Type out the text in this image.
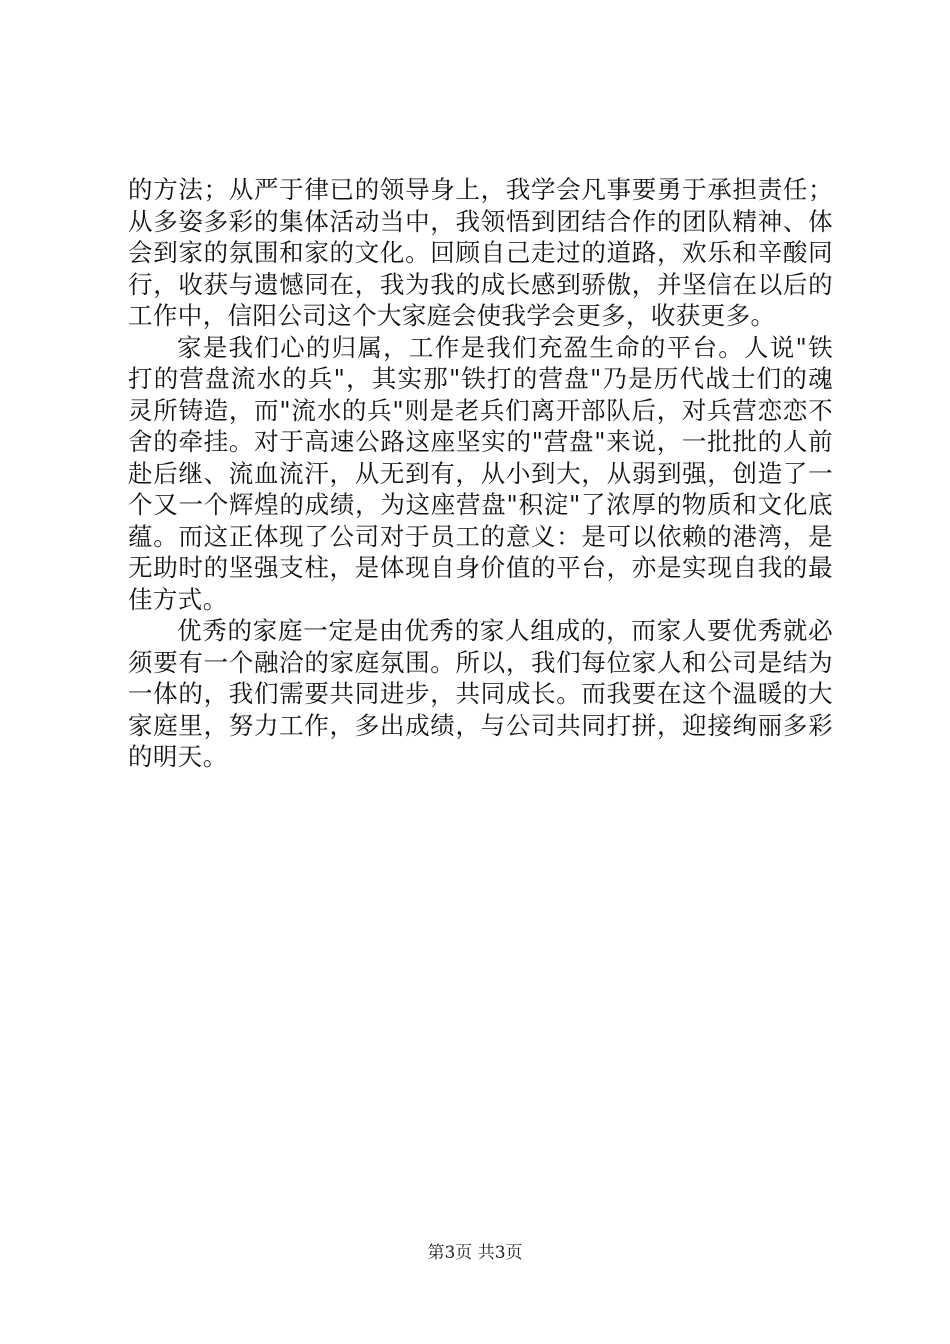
的方法；从严于律已的领导身上，我学会凡事要勇于承担责任；从多姿多彩的集体活动当中，我领悟到团结合作的团队精神、体会到家的氛围和家的文化。回顾自己走过的道路，欢乐和辛酸同行，收获与遗憾同在，我为我的成长感到骄傲，并坚信在以后的工作中，信阳公司这个大家庭会使我学会更多，收获更多。

家是我们心的归属，工作是我们充盈生命的平台。人说"铁打的营盘流水的兵"，其实那"铁打的营盘"乃是历代战士们的魂灵所铸造，而"流水的兵"则是老兵们离开部队后，对兵营恋恋不舍的牵挂。对于高速公路这座坚实的"营盘"来说，一批批的人前赴后继、流血流汗，从无到有，从小到大，从弱到强，创造了一个又一个辉煌的成绩，为这座营盘"积淀"了浓厚的物质和文化底蕴。而这正体现了公司对于员工的意义：是可以依赖的港湾，是无助时的坚强支柱，是体现自身价值的平台，亦是实现自我的最佳方式。

优秀的家庭一定是由优秀的家人组成的，而家人要优秀就必须要有一个融洽的家庭氛围。所以，我们每位家人和公司是结为一体的，我们需要共同进步，共同成长。而我要在这个温暖的大家庭里，努力工作，多出成绩，与公司共同打拼，迎接绚丽多彩的明天。

第3页 共3页
